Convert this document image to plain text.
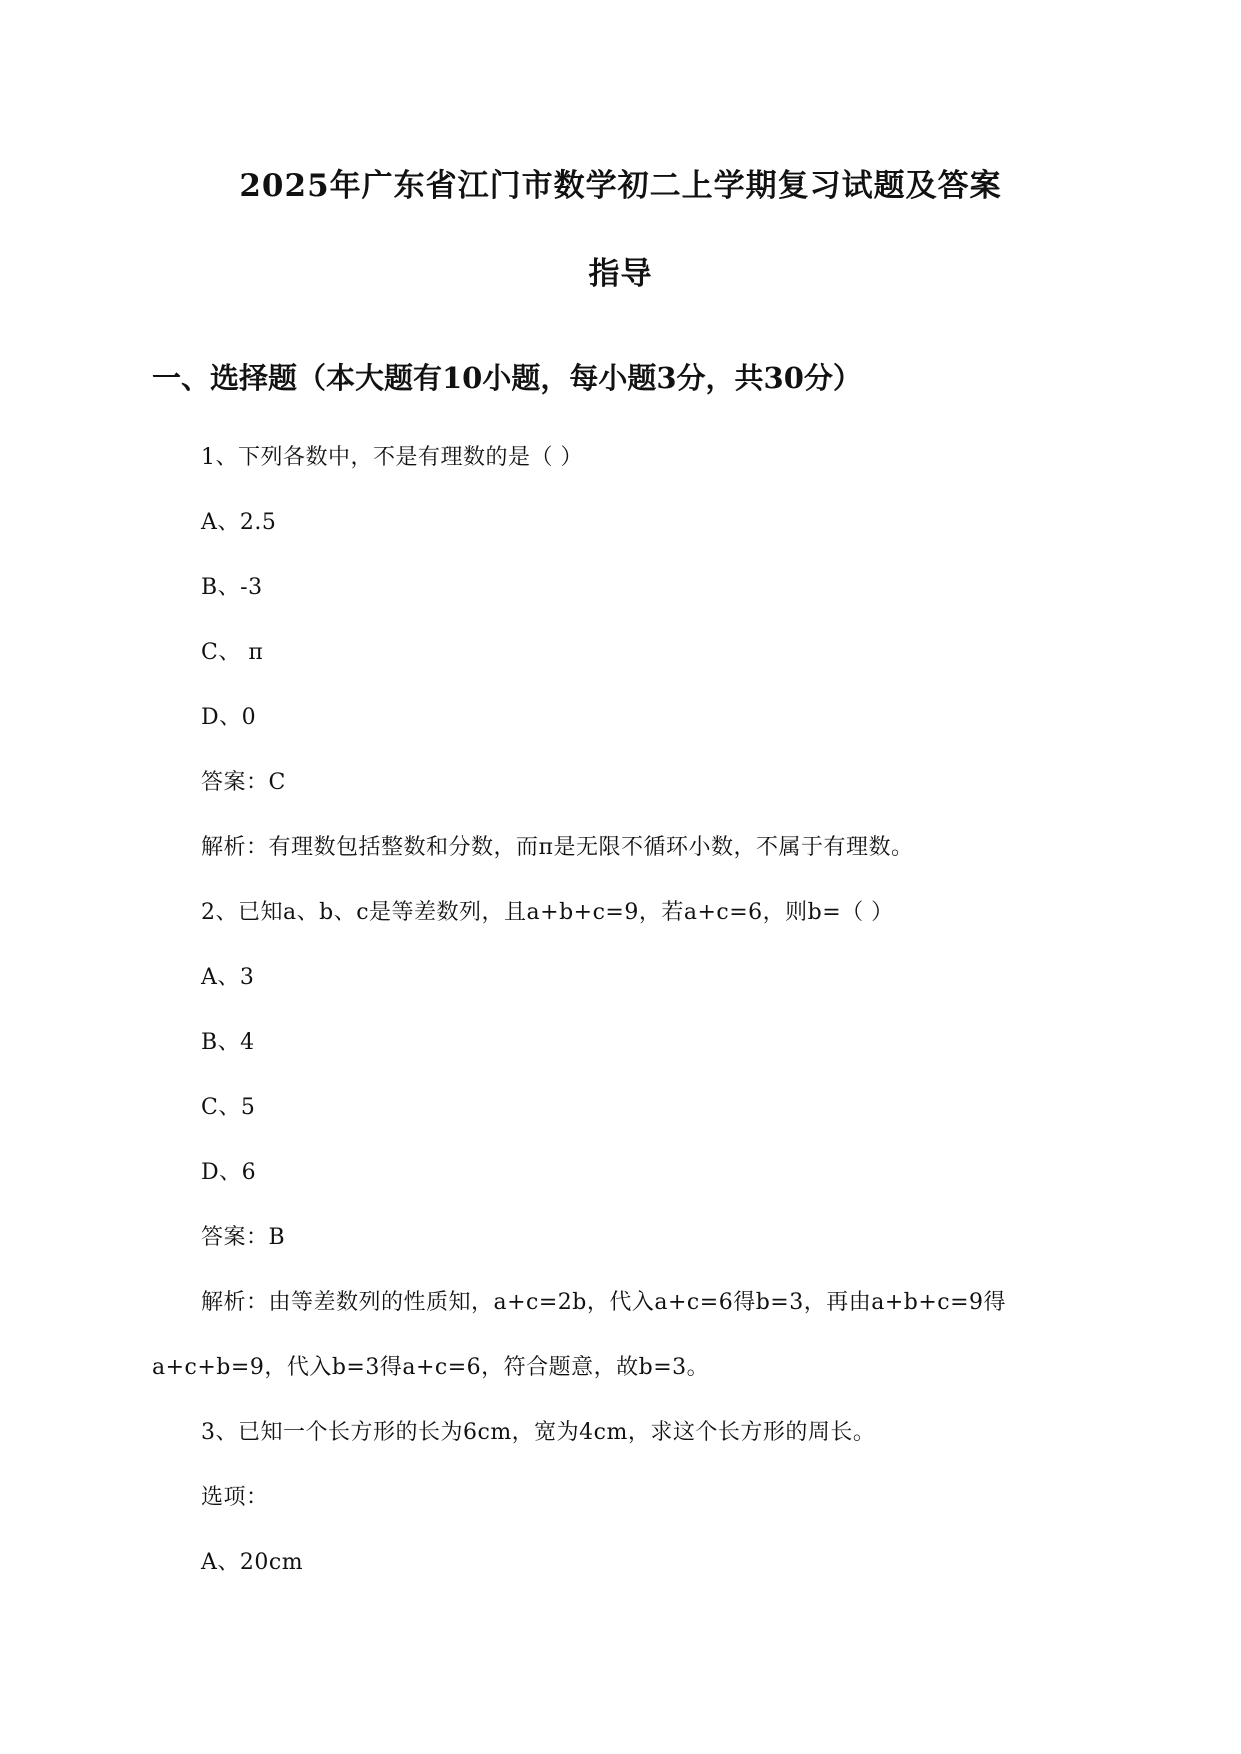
2025年广东省江门市数学初二上学期复习试题及答案
指导
一、选择题（本大题有10小题，每小题3分，共30分）
1、下列各数中，不是有理数的是（ ）
A、2.5
B、-3
C、 π
D、0
答案：C
解析：有理数包括整数和分数，而π是无限不循环小数，不属于有理数。
2、已知a、b、c是等差数列，且a+b+c=9，若a+c=6，则b=（ ）
A、3
B、4
C、5
D、6
答案：B
解析：由等差数列的性质知，a+c=2b，代入a+c=6得b=3，再由a+b+c=9得
a+c+b=9，代入b=3得a+c=6，符合题意，故b=3。
3、已知一个长方形的长为6cm，宽为4cm，求这个长方形的周长。
选项：
A、20cm
